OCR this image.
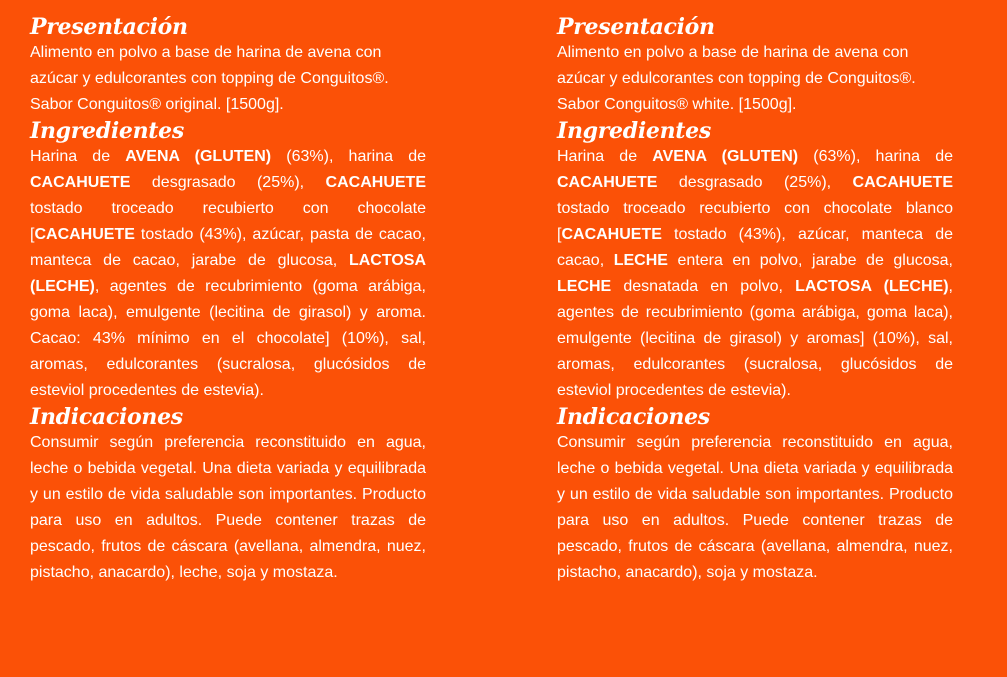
Presentación

Alimento en polvo a base de harina de avena con
azúcar y edulcorantes con topping de Conguitos®.
Sabor Conguitos® original. [1500g].

Ingredientes

Harina de AVENA (GLUTEN) (63%), harina de CACAHUETE desgrasado (25%), CACAHUETE tostado troceado recubierto con chocolate [CACAHUETE tostado (43%), azúcar, pasta de cacao, manteca de cacao, jarabe de glucosa, LACTOSA (LECHE), agentes de recubrimiento (goma arábiga, goma laca), emulgente (lecitina de girasol) y aroma. Cacao: 43% mínimo en el chocolate] (10%), sal, aromas, edulcorantes (sucralosa, glucósidos de esteviol procedentes de estevia).

Indicaciones

Consumir según preferencia reconstituido en agua, leche o bebida vegetal. Una dieta variada y equilibrada y un estilo de vida saludable son importantes. Producto para uso en adultos. Puede contener trazas de pescado, frutos de cáscara (avellana, almendra, nuez, pistacho, anacardo), leche, soja y mostaza.

Presentación

Alimento en polvo a base de harina de avena con
azúcar y edulcorantes con topping de Conguitos®.
Sabor Conguitos® white. [1500g].

Ingredientes

Harina de AVENA (GLUTEN) (63%), harina de CACAHUETE desgrasado (25%), CACAHUETE tostado troceado recubierto con chocolate blanco [CACAHUETE tostado (43%), azúcar, manteca de cacao, LECHE entera en polvo, jarabe de glucosa, LECHE desnatada en polvo, LACTOSA (LECHE), agentes de recubrimiento (goma arábiga, goma laca), emulgente (lecitina de girasol) y aromas] (10%), sal, aromas, edulcorantes (sucralosa, glucósidos de esteviol procedentes de estevia).

Indicaciones

Consumir según preferencia reconstituido en agua, leche o bebida vegetal. Una dieta variada y equilibrada y un estilo de vida saludable son importantes. Producto para uso en adultos. Puede contener trazas de pescado, frutos de cáscara (avellana, almendra, nuez, pistacho, anacardo), soja y mostaza.
